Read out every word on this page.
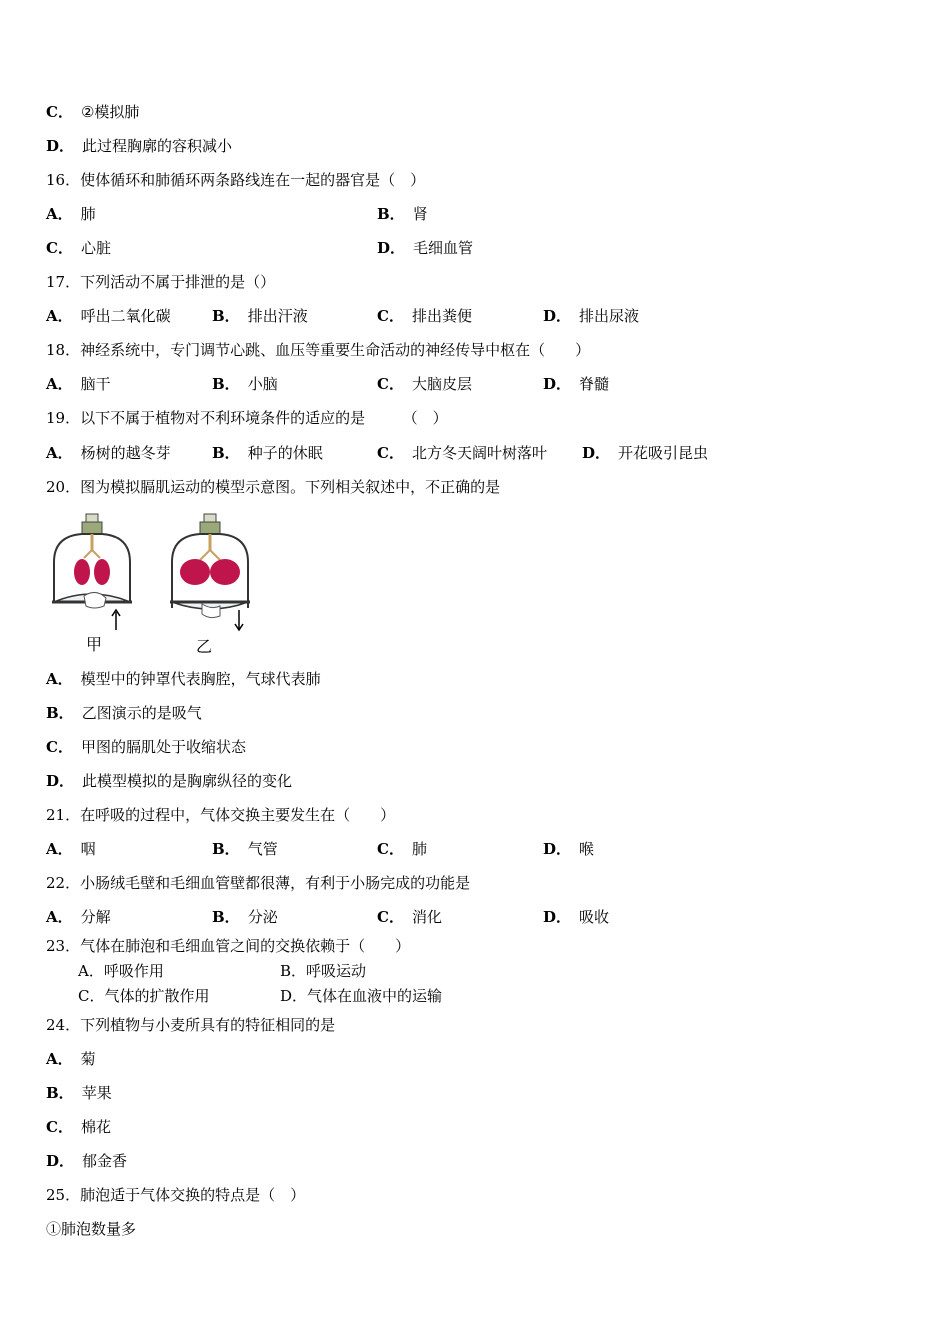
C． ②模拟肺
D． 此过程胸廓的容积减小
16．使体循环和肺循环两条路线连在一起的器官是（　）
A． 肺	B． 肾
C． 心脏	D． 毛细血管
17．下列活动不属于排泄的是（）
A． 呼出二氧化碳	B． 排出汗液	C． 排出粪便	D． 排出尿液
18．神经系统中，专门调节心跳、血压等重要生命活动的神经传导中枢在（　　）
A． 脑干	B． 小脑	C． 大脑皮层	D． 脊髓
19．以下不属于植物对不利环境条件的适应的是　　　（　）
A． 杨树的越冬芽	B． 种子的休眠	C． 北方冬天阔叶树落叶 D． 开花吸引昆虫
20．图为模拟膈肌运动的模型示意图。下列相关叙述中，不正确的是
甲	乙
A． 模型中的钟罩代表胸腔，气球代表肺
B． 乙图演示的是吸气
C． 甲图的膈肌处于收缩状态
D． 此模型模拟的是胸廓纵径的变化
21．在呼吸的过程中，气体交换主要发生在（　　）
A． 咽	B． 气管	C． 肺	D． 喉
22．小肠绒毛壁和毛细血管壁都很薄，有利于小肠完成的功能是
A． 分解	B． 分泌	C． 消化	D． 吸收
23．气体在肺泡和毛细血管之间的交换依赖于（　　）
A．呼吸作用	B．呼吸运动
C．气体的扩散作用	D．气体在血液中的运输
24．下列植物与小麦所具有的特征相同的是
A． 菊
B． 苹果
C． 棉花
D． 郁金香
25．肺泡适于气体交换的特点是（　）
①肺泡数量多
